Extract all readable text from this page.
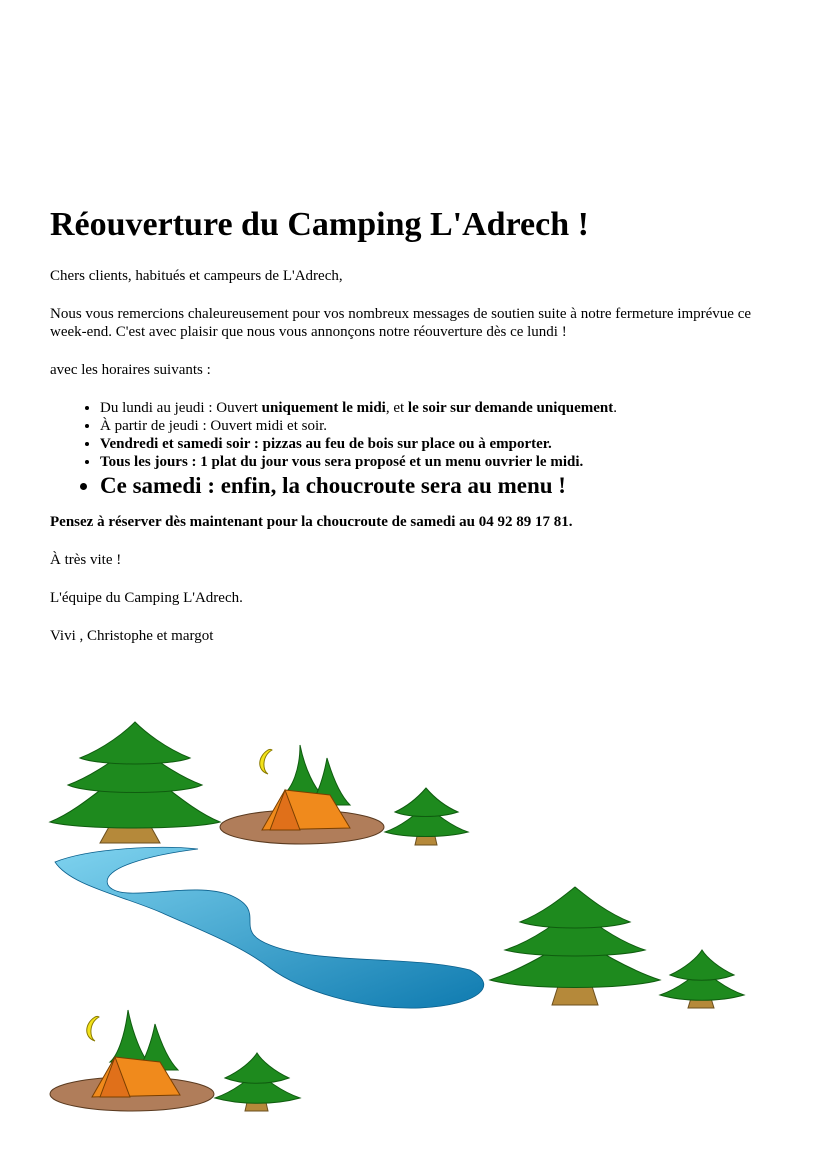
Réouverture du Camping L'Adrech !

Chers clients, habitués et campeurs de L'Adrech,

Nous vous remercions chaleureusement pour vos nombreux messages de soutien suite à notre fermeture imprévue ce week-end. C'est avec plaisir que nous vous annonçons notre réouverture dès ce lundi !

avec les horaires suivants :

• Du lundi au jeudi : Ouvert uniquement le midi, et le soir sur demande uniquement.
• À partir de jeudi : Ouvert midi et soir.
• Vendredi et samedi soir : pizzas au feu de bois sur place ou à emporter.
• Tous les jours : 1 plat du jour vous sera proposé et un menu ouvrier le midi.
• Ce samedi : enfin, la choucroute sera au menu !

Pensez à réserver dès maintenant pour la choucroute de samedi au 04 92 89 17 81.

À très vite !

L'équipe du Camping L'Adrech.

Vivi , Christophe et margot
